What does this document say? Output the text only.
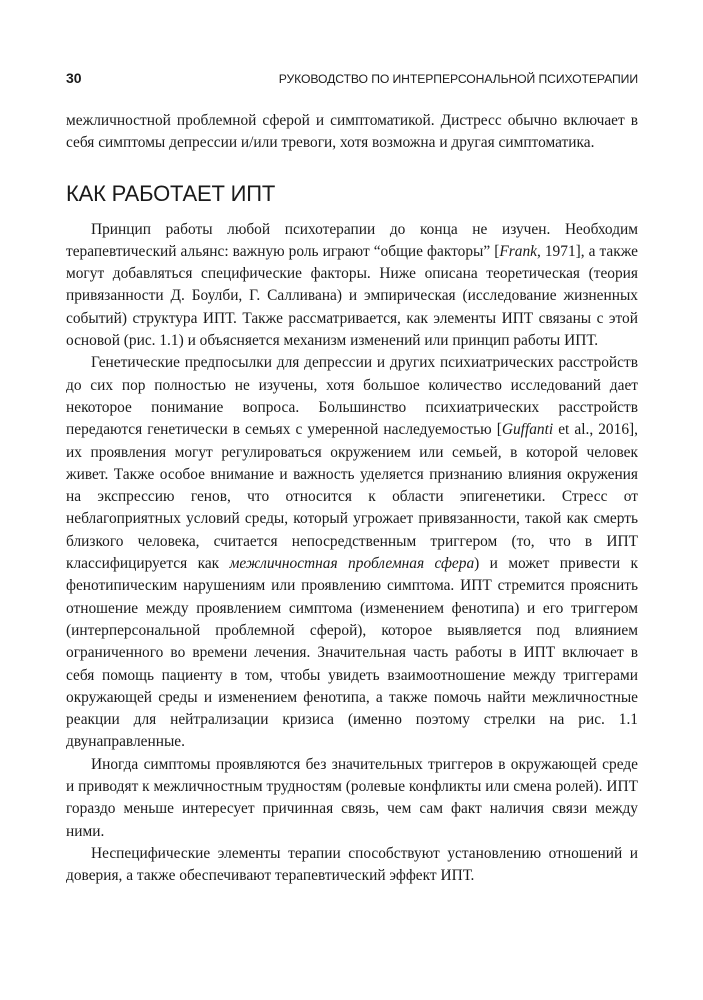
30	РУКОВОДСТВО ПО ИНТЕРПЕРСОНАЛЬНОЙ ПСИХОТЕРАПИИ

межличностной проблемной сферой и симптоматикой. Дистресс обычно включает в себя симптомы депрессии и/или тревоги, хотя возможна и другая симптоматика.

КАК РАБОТАЕТ ИПТ

Принцип работы любой психотерапии до конца не изучен. Необходим терапевтический альянс: важную роль играют “общие факторы” [Frank, 1971], а также могут добавляться специфические факторы. Ниже описана теоретическая (теория привязанности Д. Боулби, Г. Салливана) и эмпирическая (исследование жизненных событий) структура ИПТ. Также рассматривается, как элементы ИПТ связаны с этой основой (рис. 1.1) и объясняется механизм изменений или принцип работы ИПТ.

Генетические предпосылки для депрессии и других психиатрических расстройств до сих пор полностью не изучены, хотя большое количество исследований дает некоторое понимание вопроса. Большинство психиатрических расстройств передаются генетически в семьях с умеренной наследуемостью [Guffanti et al., 2016], их проявления могут регулироваться окружением или семьей, в которой человек живет. Также особое внимание и важность уделяется признанию влияния окружения на экспрессию генов, что относится к области эпигенетики. Стресс от неблагоприятных условий среды, который угрожает привязанности, такой как смерть близкого человека, считается непосредственным триггером (то, что в ИПТ классифицируется как межличностная проблемная сфера) и может привести к фенотипическим нарушениям или проявлению симптома. ИПТ стремится прояснить отношение между проявлением симптома (изменением фенотипа) и его триггером (интерперсональной проблемной сферой), которое выявляется под влиянием ограниченного во времени лечения. Значительная часть работы в ИПТ включает в себя помощь пациенту в том, чтобы увидеть взаимоотношение между триггерами окружающей среды и изменением фенотипа, а также помочь найти межличностные реакции для нейтрализации кризиса (именно поэтому стрелки на рис. 1.1 двунаправленные.

Иногда симптомы проявляются без значительных триггеров в окружающей среде и приводят к межличностным трудностям (ролевые конфликты или смена ролей). ИПТ гораздо меньше интересует причинная связь, чем сам факт наличия связи между ними.

Неспецифические элементы терапии способствуют установлению отношений и доверия, а также обеспечивают терапевтический эффект ИПТ.
